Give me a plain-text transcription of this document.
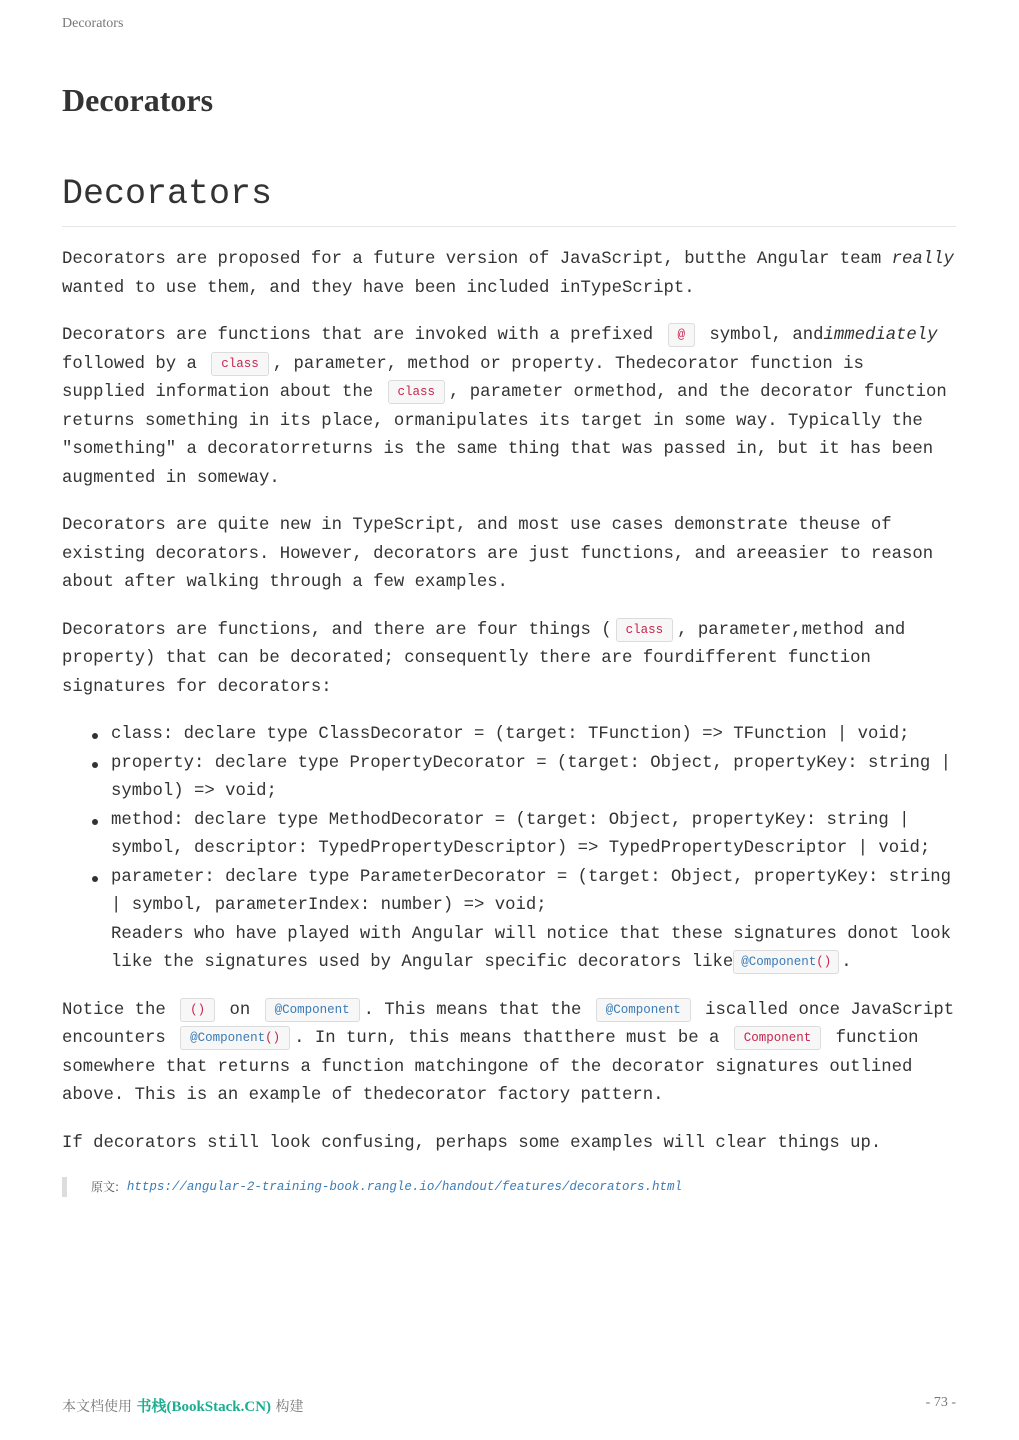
Decorators
Decorators
Decorators

Decorators are proposed for a future version of JavaScript, butthe Angular team really wanted to use them, and they have been included inTypeScript.

Decorators are functions that are invoked with a prefixed @ symbol, andimmediately followed by a class , parameter, method or property. Thedecorator function is supplied information about the class , parameter ormethod, and the decorator function returns something in its place, ormanipulates its target in some way. Typically the "something" a decoratorreturns is the same thing that was passed in, but it has been augmented in someway.

Decorators are quite new in TypeScript, and most use cases demonstrate theuse of existing decorators. However, decorators are just functions, and areeasier to reason about after walking through a few examples.

Decorators are functions, and there are four things ( class , parameter,method and property) that can be decorated; consequently there are fourdifferent function signatures for decorators:

class: declare type ClassDecorator = (target: TFunction) => TFunction | void;
property: declare type PropertyDecorator = (target: Object, propertyKey: string | symbol) => void;
method: declare type MethodDecorator = (target: Object, propertyKey: string | symbol, descriptor: TypedPropertyDescriptor) => TypedPropertyDescriptor | void;
parameter: declare type ParameterDecorator = (target: Object, propertyKey: string | symbol, parameterIndex: number) => void;
Readers who have played with Angular will notice that these signatures donot look like the signatures used by Angular specific decorators like @Component() .

Notice the () on @Component . This means that the @Component iscalled once JavaScript encounters @Component() . In turn, this means thatthere must be a Component function somewhere that returns a function matchingone of the decorator signatures outlined above. This is an example of thedecorator factory pattern.

If decorators still look confusing, perhaps some examples will clear things up.

原文:
https://angular-2-training-book.rangle.io/handout/features/decorators.html
本文档使用 书栈(BookStack.CN) 构建	- 73 -
